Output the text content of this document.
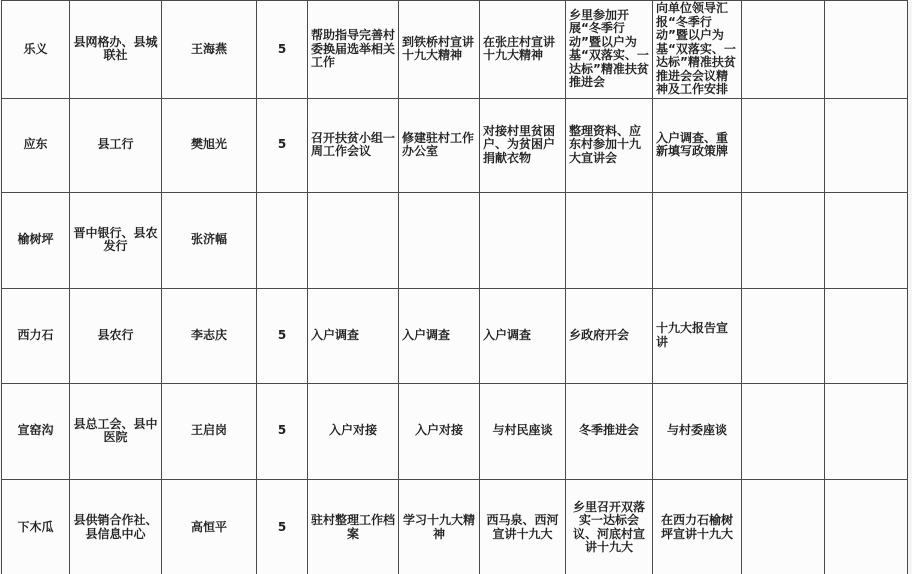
乐义	县网格办、县城联社	王海燕	5	帮助指导完善村委换届选举相关工作	到铁桥村宣讲十九大精神	在张庄村宣讲十九大精神	乡里参加开展“冬季行动”暨以户为基“双落实、一达标”精准扶贫推进会	向单位领导汇报“冬季行动”暨以户为基“双落实、一达标”精准扶贫推进会会议精神及工作安排		
应东	县工行	樊旭光	5	召开扶贫小组一周工作会议	修建驻村工作办公室	对接村里贫困户、为贫困户捐献衣物	整理资料、应东村参加十九大宣讲会	入户调查、重新填写政策牌		
榆树坪	晋中银行、县农发行	张济幅								
西力石	县农行	李志庆	5	入户调查	入户调查	入户调查	乡政府开会	十九大报告宣讲		
宣窑沟	县总工会、县中医院	王启岗	5	入户对接	入户对接	与村民座谈	冬季推进会	与村委座谈		
下木瓜	县供销合作社、县信息中心	高恒平	5	驻村整理工作档案	学习十九大精神	西马泉、西河宣讲十九大	乡里召开双落实一达标会议、河底村宣讲十九大	在西力石榆树坪宣讲十九大		
